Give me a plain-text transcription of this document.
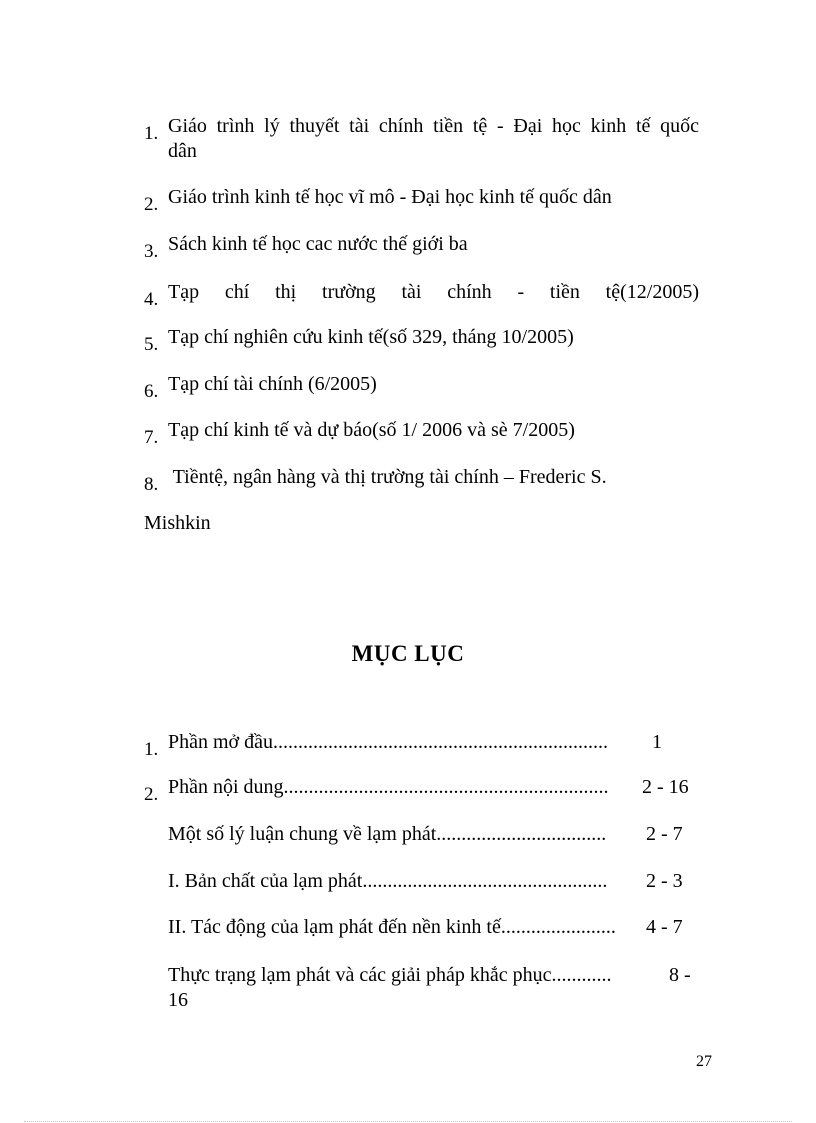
1. Giáo trình lý thuyết tài chính tiền tệ - Đại học kinh tế quốc
dân
2. Giáo trình kinh tế học vĩ mô - Đại học kinh tế quốc dân
3. Sách kinh tế học cac nước thế giới ba
4. Tạp chí thị trường tài chính - tiền tệ(12/2005)
5. Tạp chí nghiên cứu kinh tế(số 329, tháng 10/2005)
6. Tạp chí tài chính (6/2005)
7. Tạp chí kinh tế và dự báo(số 1/ 2006 và sè 7/2005)
8. Tiềntệ, ngân hàng và thị trường tài chính – Frederic S.
Mishkin
MỤC LỤC
1. Phần mở đầu................................................................... 1
2. Phần nội dung................................................................. 2 - 16
Một số lý luận chung về lạm phát.................................. 2 - 7
I. Bản chất của lạm phát................................................. 2 - 3
II. Tác động của lạm phát đến nền kinh tế....................... 4 - 7
Thực trạng lạm phát và các giải pháp khắc phục............	8 -
16
27
